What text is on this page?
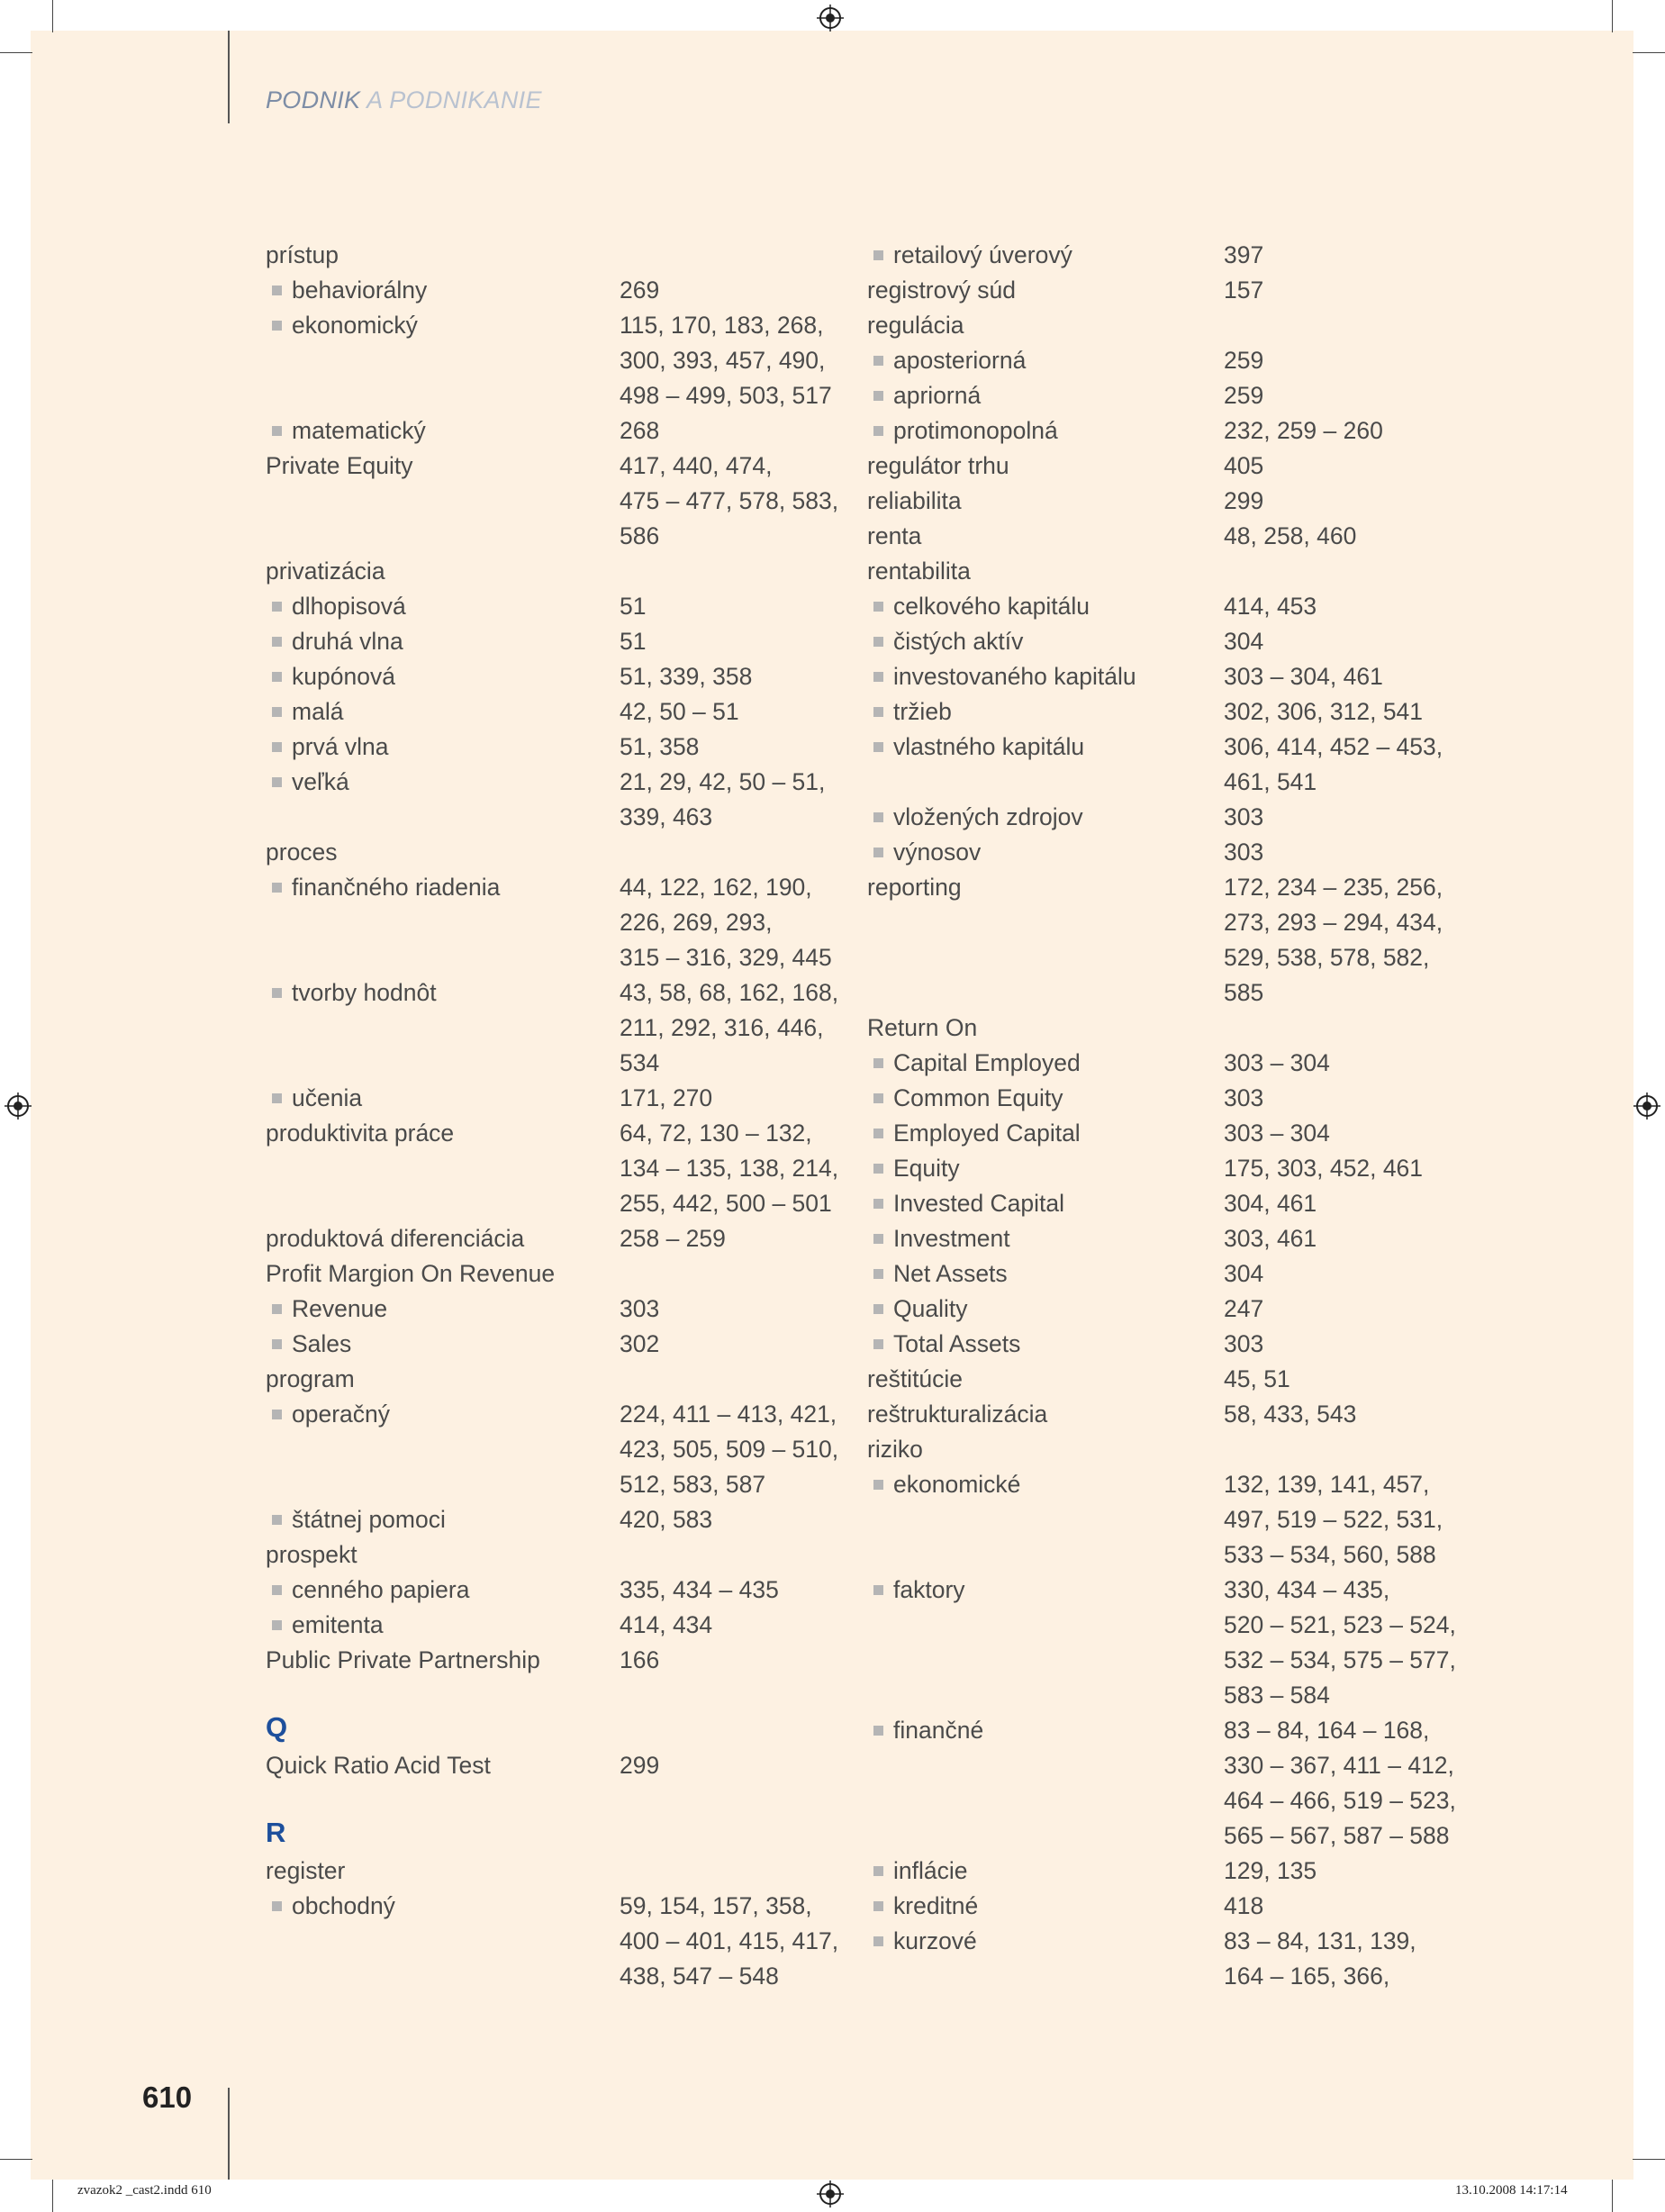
PODNIK A PODNIKANIE
prístup
behaviorálny	269
ekonomický	115, 170, 183, 268,
300, 393, 457, 490,
498 – 499, 503, 517
matematický	268
Private Equity	417, 440, 474,
475 – 477, 578, 583,
586
privatizácia
dlhopisová	51
druhá vlna	51
kupónová	51, 339, 358
malá	42, 50 – 51
prvá vlna	51, 358
veľká	21, 29, 42, 50 – 51,
339, 463
proces
finančného riadenia	44, 122, 162, 190,
226, 269, 293,
315 – 316, 329, 445
tvorby hodnôt	43, 58, 68, 162, 168,
211, 292, 316, 446,
534
učenia	171, 270
produktivita práce	64, 72, 130 – 132,
134 – 135, 138, 214,
255, 442, 500 – 501
produktová diferenciácia	258 – 259
Profit Margion On Revenue
Revenue	303
Sales	302
program
operačný	224, 411 – 413, 421,
423, 505, 509 – 510,
512, 583, 587
štátnej pomoci	420, 583
prospekt
cenného papiera	335, 434 – 435
emitenta	414, 434
Public Private Partnership	166
Q
Quick Ratio Acid Test	299
R
register
obchodný	59, 154, 157, 358,
400 – 401, 415, 417,
438, 547 – 548
retailový úverový	397
registrový súd	157
regulácia
aposteriorná	259
apriorná	259
protimonopolná	232, 259 – 260
regulátor trhu	405
reliabilita	299
renta	48, 258, 460
rentabilita
celkového kapitálu	414, 453
čistých aktív	304
investovaného kapitálu	303 – 304, 461
tržieb	302, 306, 312, 541
vlastného kapitálu	306, 414, 452 – 453,
461, 541
vložených zdrojov	303
výnosov	303
reporting	172, 234 – 235, 256,
273, 293 – 294, 434,
529, 538, 578, 582,
585
Return On
Capital Employed	303 – 304
Common Equity	303
Employed Capital	303 – 304
Equity	175, 303, 452, 461
Invested Capital	304, 461
Investment	303, 461
Net Assets	304
Quality	247
Total Assets	303
reštitúcie	45, 51
reštrukturalizácia	58, 433, 543
riziko
ekonomické	132, 139, 141, 457,
497, 519 – 522, 531,
533 – 534, 560, 588
faktory	330, 434 – 435,
520 – 521, 523 – 524,
532 – 534, 575 – 577,
583 – 584
finančné	83 – 84, 164 – 168,
330 – 367, 411 – 412,
464 – 466, 519 – 523,
565 – 567, 587 – 588
inflácie	129, 135
kreditné	418
kurzové	83 – 84, 131, 139,
164 – 165, 366,
610
zvazok2 _cast2.indd 610	13.10.2008 14:17:14
